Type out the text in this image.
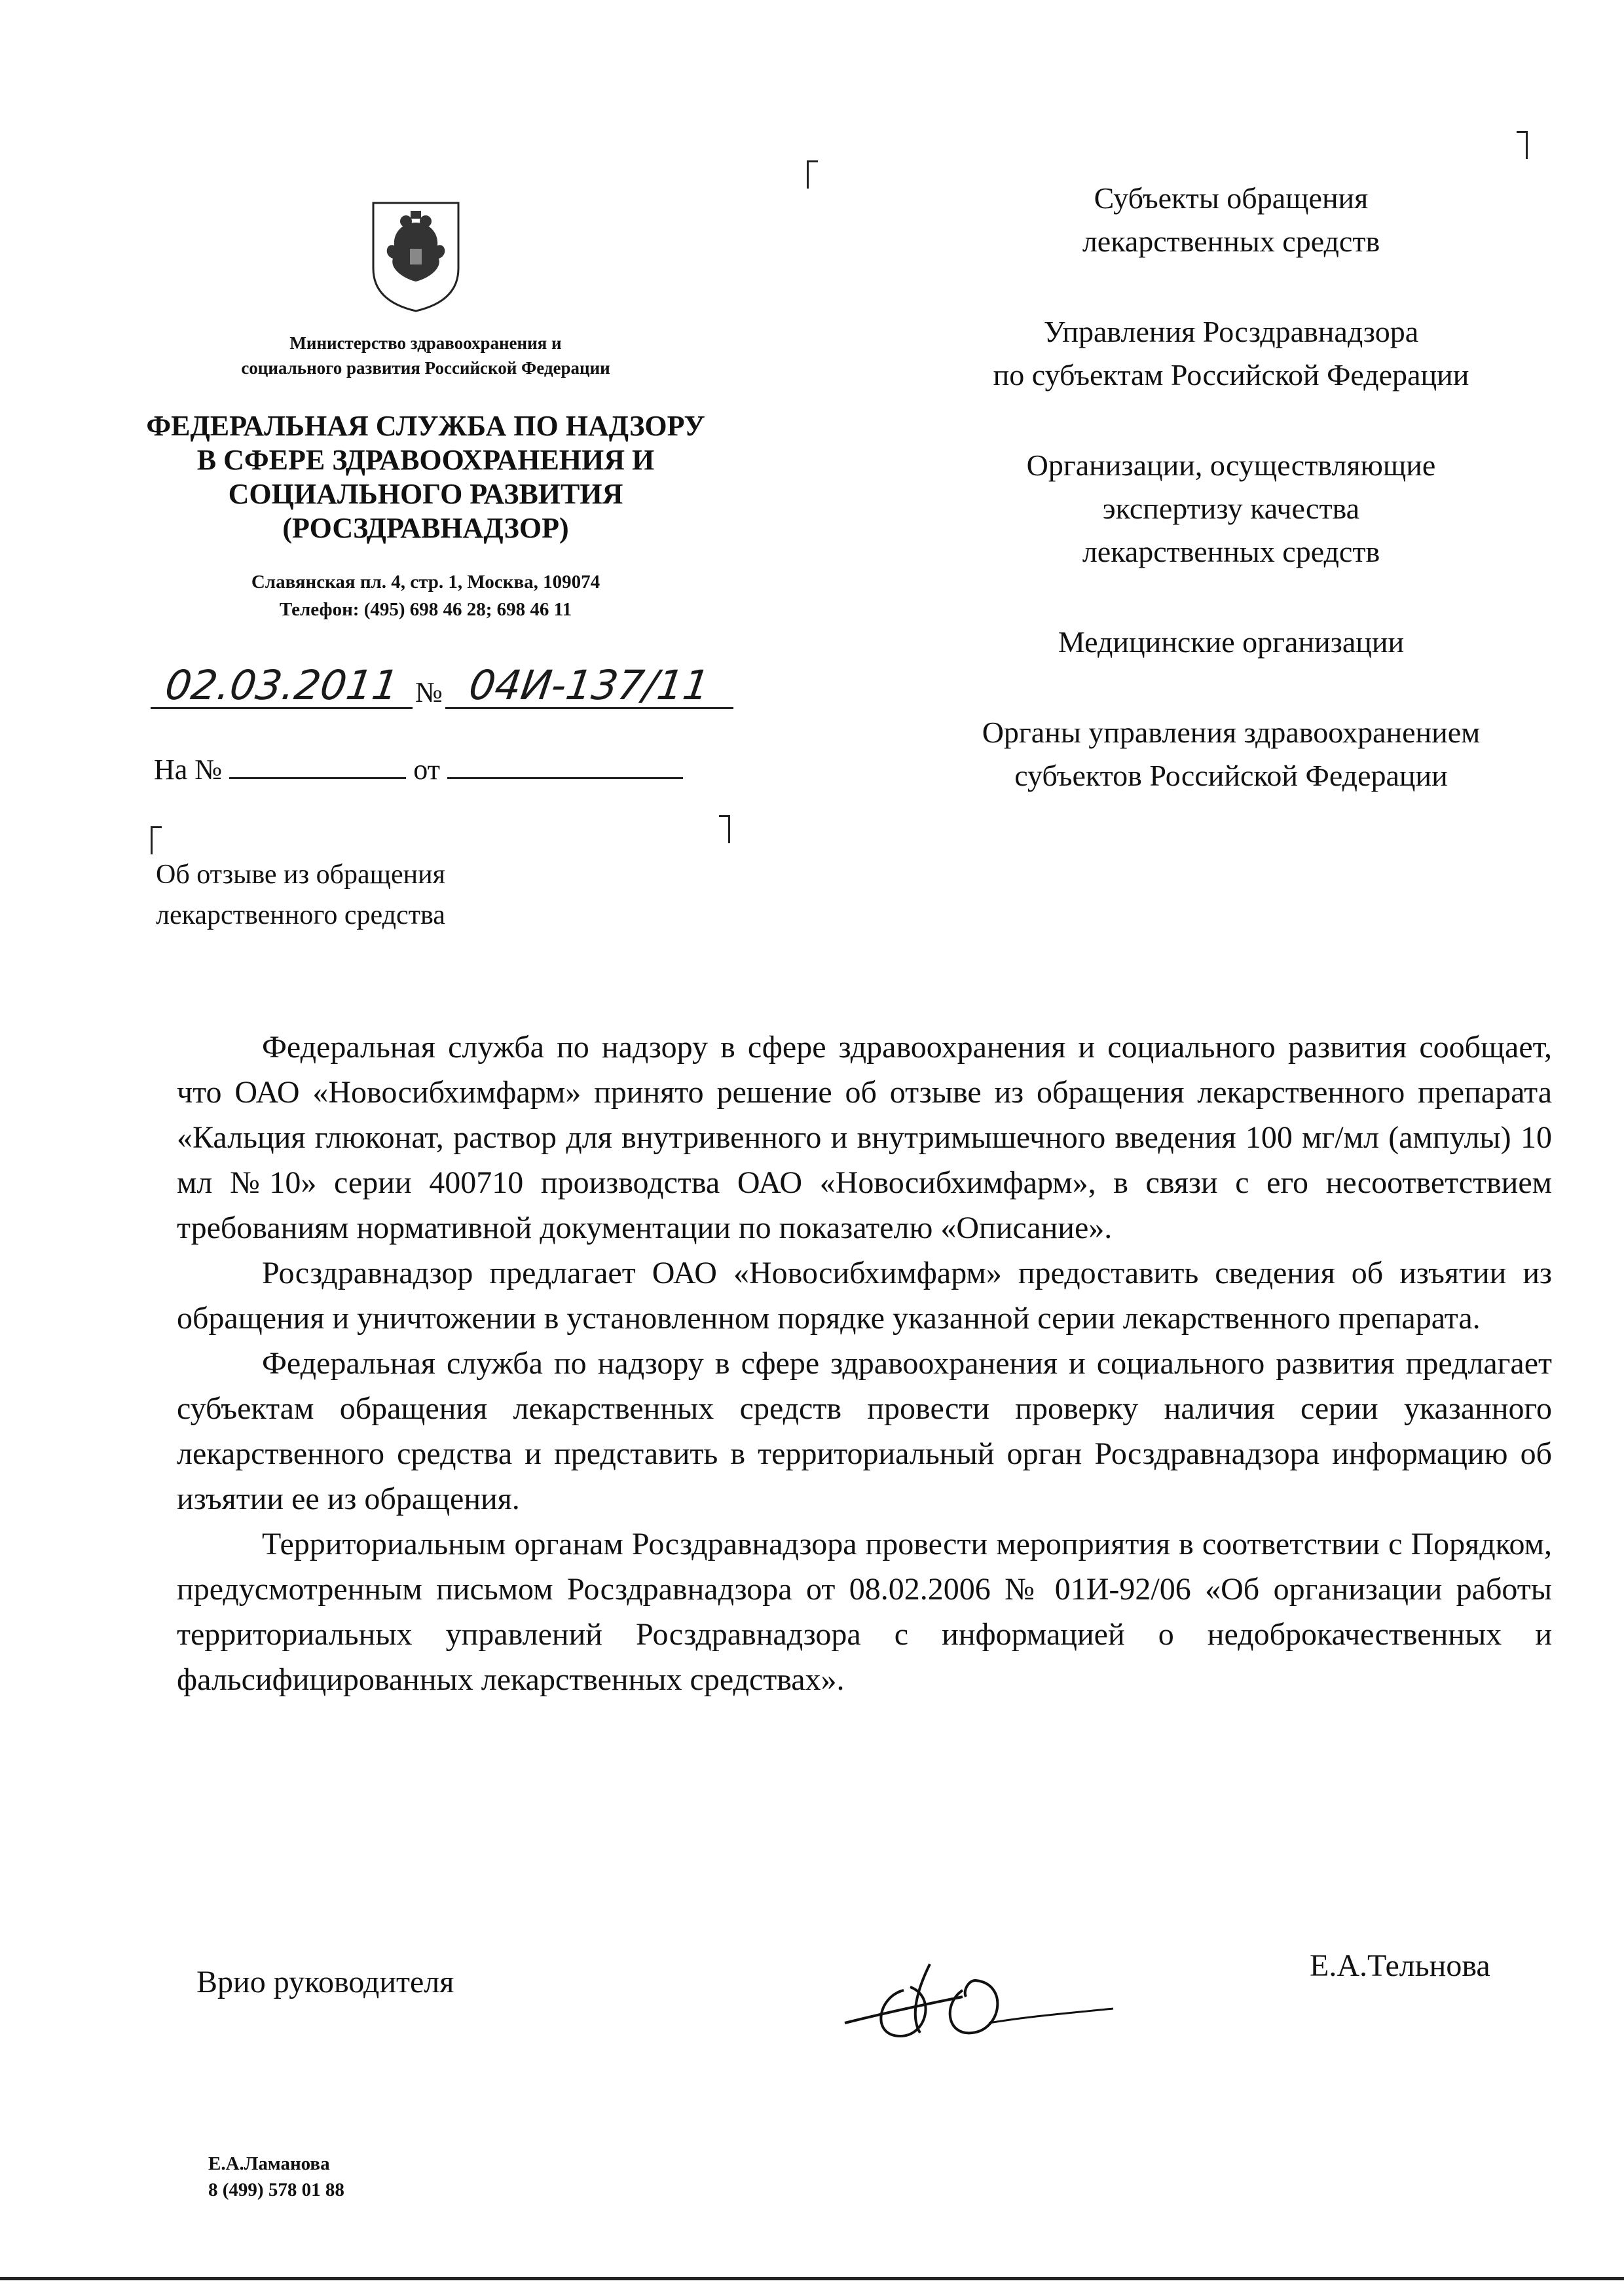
Министерство здравоохранения и
социального развития Российской Федерации
ФЕДЕРАЛЬНАЯ СЛУЖБА ПО НАДЗОРУ
В СФЕРЕ ЗДРАВООХРАНЕНИЯ И
СОЦИАЛЬНОГО РАЗВИТИЯ
(РОСЗДРАВНАДЗОР)
Славянская пл. 4, стр. 1, Москва, 109074
Телефон: (495) 698 46 28; 698 46 11
02.03.2011 № 04И-137/11
На №	от
Об отзыве из обращения
лекарственного средства
Субъекты обращения
лекарственных средств
Управления Росздравнадзора
по субъектам Российской Федерации
Организации, осуществляющие
экспертизу качества
лекарственных средств
Медицинские организации
Органы управления здравоохранением
субъектов Российской Федерации

Федеральная служба по надзору в сфере здравоохранения и социального развития сообщает, что ОАО «Новосибхимфарм» принято решение об отзыве из обращения лекарственного препарата «Кальция глюконат, раствор для внутривенного и внутримышечного введения 100 мг/мл (ампулы) 10 мл №10» серии 400710 производства ОАО «Новосибхимфарм», в связи с его несоответствием требованиям нормативной документации по показателю «Описание».

Росздравнадзор предлагает ОАО «Новосибхимфарм» предоставить сведения об изъятии из обращения и уничтожении в установленном порядке указанной серии лекарственного препарата.

Федеральная служба по надзору в сфере здравоохранения и социального развития предлагает субъектам обращения лекарственных средств провести проверку наличия серии указанного лекарственного средства и представить в территориальный орган Росздравнадзора информацию об изъятии ее из обращения.

Территориальным органам Росздравнадзора провести мероприятия в соответствии с Порядком, предусмотренным письмом Росздравнадзора от 08.02.2006 № 01И-92/06 «Об организации работы территориальных управлений Росздравнадзора с информацией о недоброкачественных и фальсифицированных лекарственных средствах».

Врио руководителя	Е.А.Тельнова
Е.А.Ламанова
8 (499) 578 01 88
